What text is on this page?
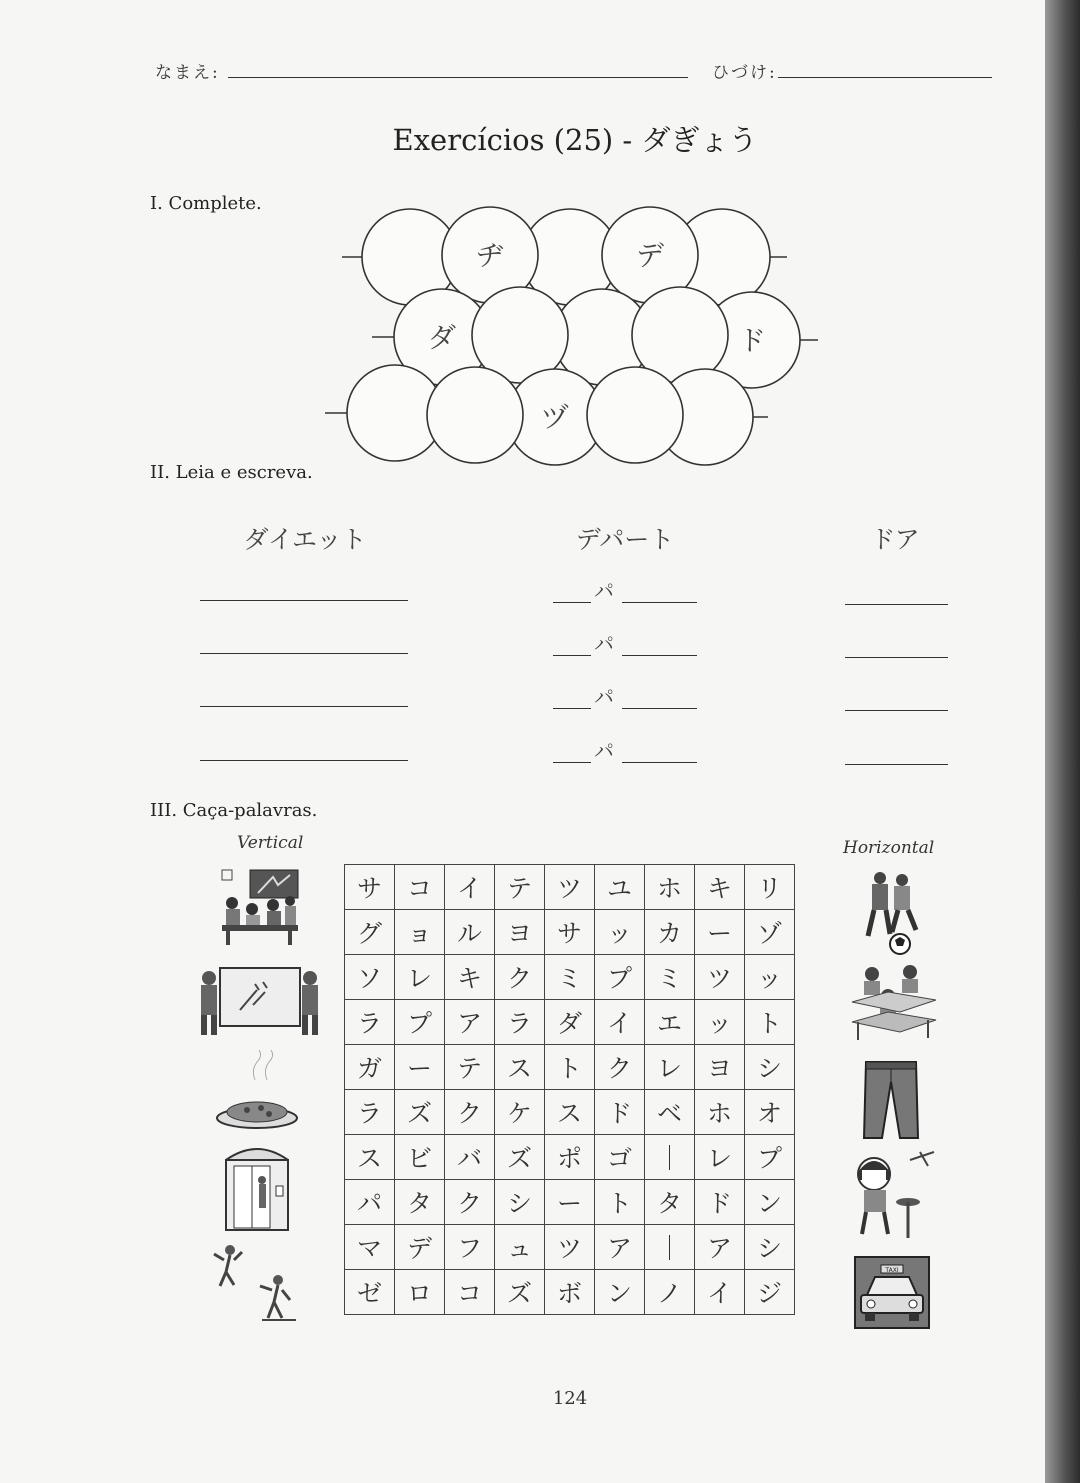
なまえ:	ひづけ:
Exercícios (25) - ダぎょう
I. Complete.
ヂ	デ
ダ	ド
ヅ
II. Leia e escreva.
ダイエット	デパート	ドア
パ
パ
パ
パ
III. Caça-palavras.
Vertical	Horizontal
サ	コ	イ	テ	ツ	ユ	ホ	キ	リ
グ	ョ	ル	ヨ	サ	ッ	カ	ー	ゾ
ソ	レ	キ	ク	ミ	プ	ミ	ツ	ッ
ラ	プ	ア	ラ	ダ	イ	エ	ッ	ト
ガ	ー	テ	ス	ト	ク	レ	ヨ	シ
ラ	ズ	ク	ケ	ス	ド	ベ	ホ	オ
ス	ビ	バ	ズ	ポ	ゴ	｜	レ	プ
パ	タ	ク	シ	ー	ト	タ	ド	ン
マ	デ	フ	ュ	ツ	ア	｜	ア	シ
ゼ	ロ	コ	ズ	ボ	ン	ノ	イ	ジ
TAXI
124
